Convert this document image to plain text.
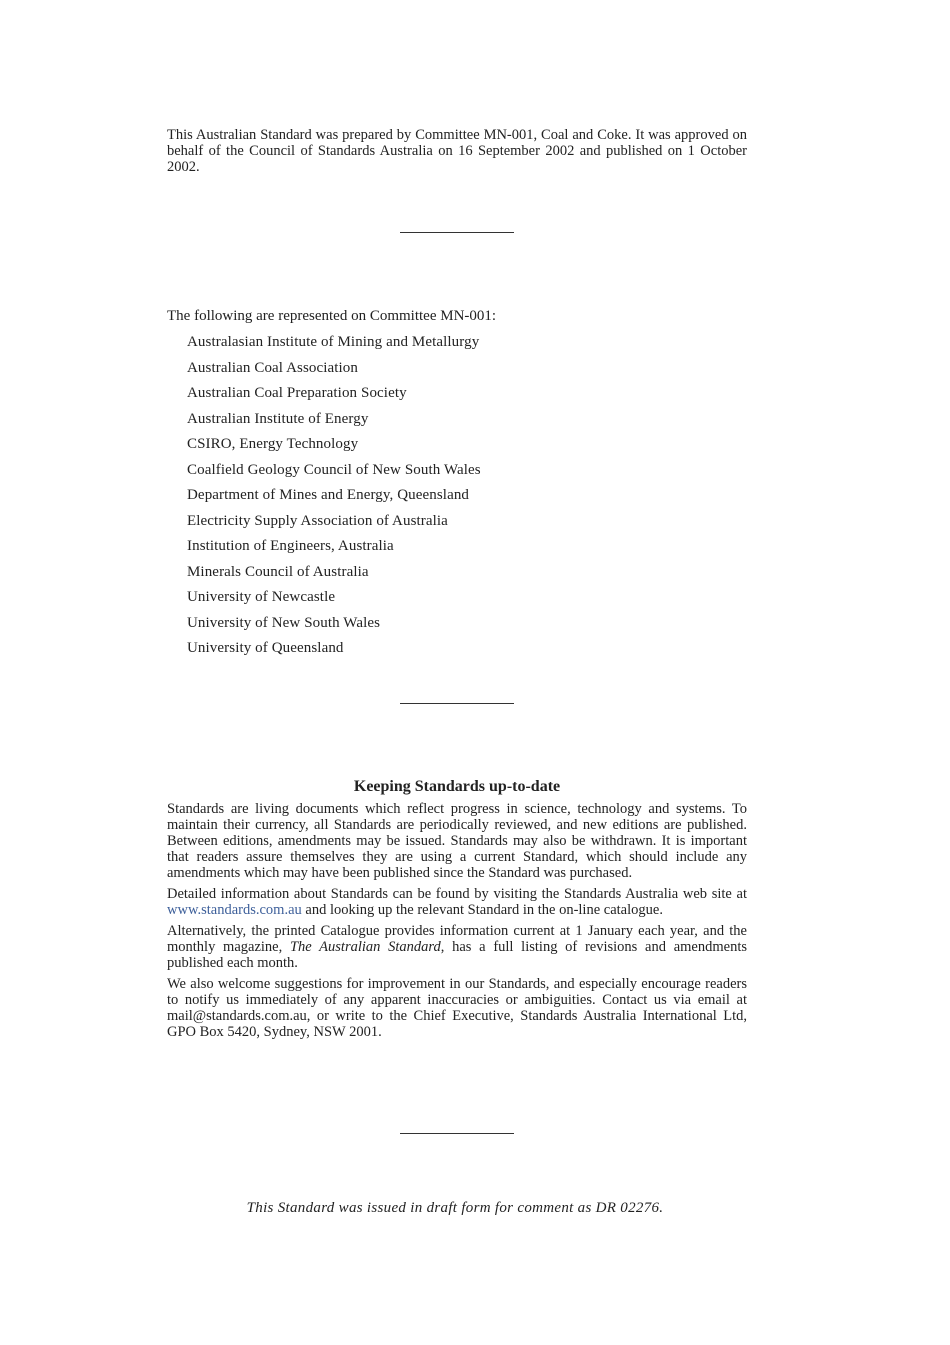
This Australian Standard was prepared by Committee MN-001, Coal and Coke. It was approved on behalf of the Council of Standards Australia on 16 September 2002 and published on 1 October 2002.
The following are represented on Committee MN-001:
Australasian Institute of Mining and Metallurgy
Australian Coal Association
Australian Coal Preparation Society
Australian Institute of Energy
CSIRO, Energy Technology
Coalfield Geology Council of New South Wales
Department of Mines and Energy, Queensland
Electricity Supply Association of Australia
Institution of Engineers, Australia
Minerals Council of Australia
University of Newcastle
University of New South Wales
University of Queensland
Keeping Standards up-to-date

Standards are living documents which reflect progress in science, technology and systems. To maintain their currency, all Standards are periodically reviewed, and new editions are published. Between editions, amendments may be issued. Standards may also be withdrawn. It is important that readers assure themselves they are using a current Standard, which should include any amendments which may have been published since the Standard was purchased.

Detailed information about Standards can be found by visiting the Standards Australia web site at www.standards.com.au and looking up the relevant Standard in the on-line catalogue.

Alternatively, the printed Catalogue provides information current at 1 January each year, and the monthly magazine, The Australian Standard, has a full listing of revisions and amendments published each month.

We also welcome suggestions for improvement in our Standards, and especially encourage readers to notify us immediately of any apparent inaccuracies or ambiguities. Contact us via email at mail@standards.com.au, or write to the Chief Executive, Standards Australia International Ltd, GPO Box 5420, Sydney, NSW 2001.

This Standard was issued in draft form for comment as DR 02276.
